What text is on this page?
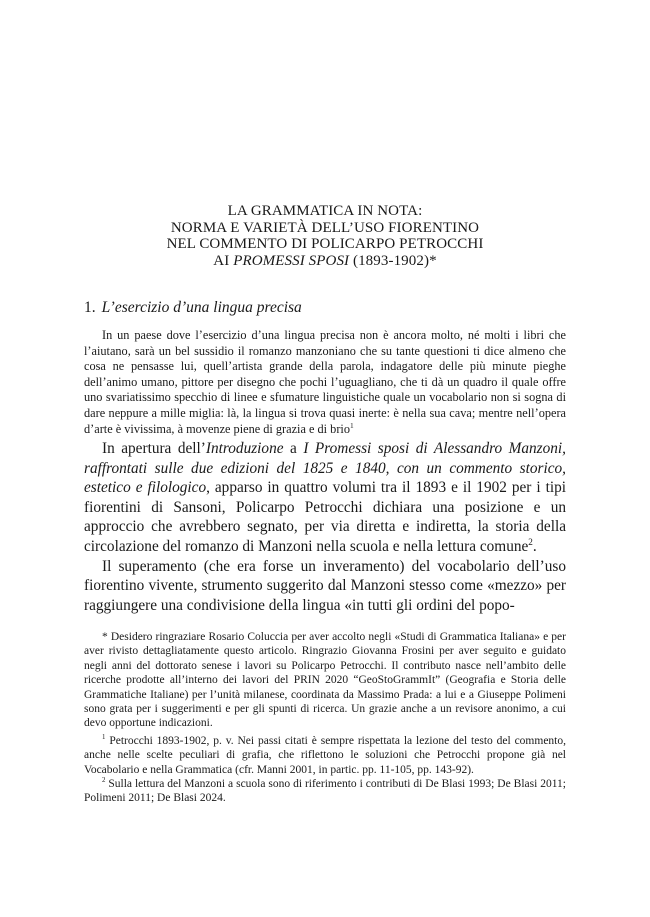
LA GRAMMATICA IN NOTA:
NORMA E VARIETÀ DELL’USO FIORENTINO
NEL COMMENTO DI POLICARPO PETROCCHI
AI PROMESSI SPOSI (1893-1902)*
1. L’esercizio d’una lingua precisa

In un paese dove l’esercizio d’una lingua precisa non è ancora molto, né molti i libri che l’aiutano, sarà un bel sussidio il romanzo manzoniano che su tante questioni ti dice almeno che cosa ne pensasse lui, quell’artista grande della parola, indagatore delle più minute pieghe dell’animo umano, pittore per disegno che pochi l’uguagliano, che ti dà un quadro il quale offre uno svariatissimo specchio di linee e sfumature linguistiche quale un vocabolario non si sogna di dare neppure a mille miglia: là, la lingua si trova quasi inerte: è nella sua cava; mentre nell’opera d’arte è vivissima, à movenze piene di grazia e di brio$^1$

In apertura dell’Introduzione a I Promessi sposi di Alessandro Manzoni, raffrontati sulle due edizioni del 1825 e 1840, con un commento storico, estetico e filologico, apparso in quattro volumi tra il 1893 e il 1902 per i tipi fiorentini di Sansoni, Policarpo Petrocchi dichiara una posizione e un approccio che avrebbero segnato, per via diretta e indiretta, la storia della circolazione del romanzo di Manzoni nella scuola e nella lettura comune$^2$.

Il superamento (che era forse un inveramento) del vocabolario dell’uso fiorentino vivente, strumento suggerito dal Manzoni stesso come «mezzo» per raggiungere una condivisione della lingua «in tutti gli ordini del popo-

* Desidero ringraziare Rosario Coluccia per aver accolto negli «Studi di Grammatica Italiana» e per aver rivisto dettagliatamente questo articolo. Ringrazio Giovanna Frosini per aver seguito e guidato negli anni del dottorato senese i lavori su Policarpo Petrocchi. Il contributo nasce nell’ambito delle ricerche prodotte all’interno dei lavori del PRIN 2020 “GeoStoGrammIt” (Geografia e Storia delle Grammatiche Italiane) per l’unità milanese, coordinata da Massimo Prada: a lui e a Giuseppe Polimeni sono grata per i suggerimenti e per gli spunti di ricerca. Un grazie anche a un revisore anonimo, a cui devo opportune indicazioni.

$^1$ Petrocchi 1893-1902, p. v. Nei passi citati è sempre rispettata la lezione del testo del commento, anche nelle scelte peculiari di grafia, che riflettono le soluzioni che Petrocchi propone già nel Vocabolario e nella Grammatica (cfr. Manni 2001, in partic. pp. 11-105, pp. 143-92).

$^2$ Sulla lettura del Manzoni a scuola sono di riferimento i contributi di De Blasi 1993; De Blasi 2011; Polimeni 2011; De Blasi 2024.
